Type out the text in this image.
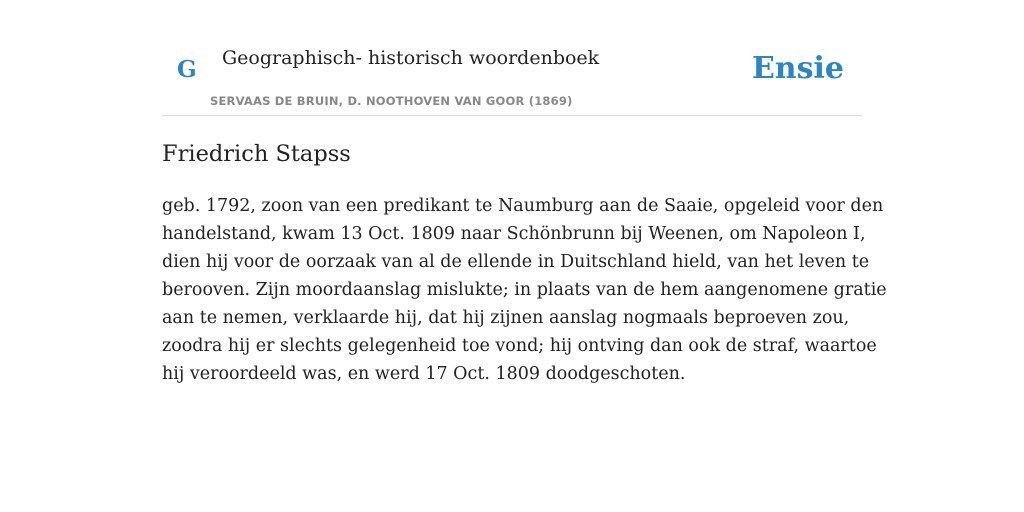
G Geographisch- historisch woordenboek
SERVAAS DE BRUIN, D. NOOTHOVEN VAN GOOR (1869)
Ensie
Friedrich Stapss

geb. 1792, zoon van een predikant te Naumburg aan de Saaie, opgeleid voor den
handelstand, kwam 13 Oct. 1809 naar Schönbrunn bij Weenen, om Napoleon I,
dien hij voor de oorzaak van al de ellende in Duitschland hield, van het leven te
berooven. Zijn moordaanslag mislukte; in plaats van de hem aangenomene gratie
aan te nemen, verklaarde hij, dat hij zijnen aanslag nogmaals beproeven zou,
zoodra hij er slechts gelegenheid toe vond; hij ontving dan ook de straf, waartoe
hij veroordeeld was, en werd 17 Oct. 1809 doodgeschoten.
